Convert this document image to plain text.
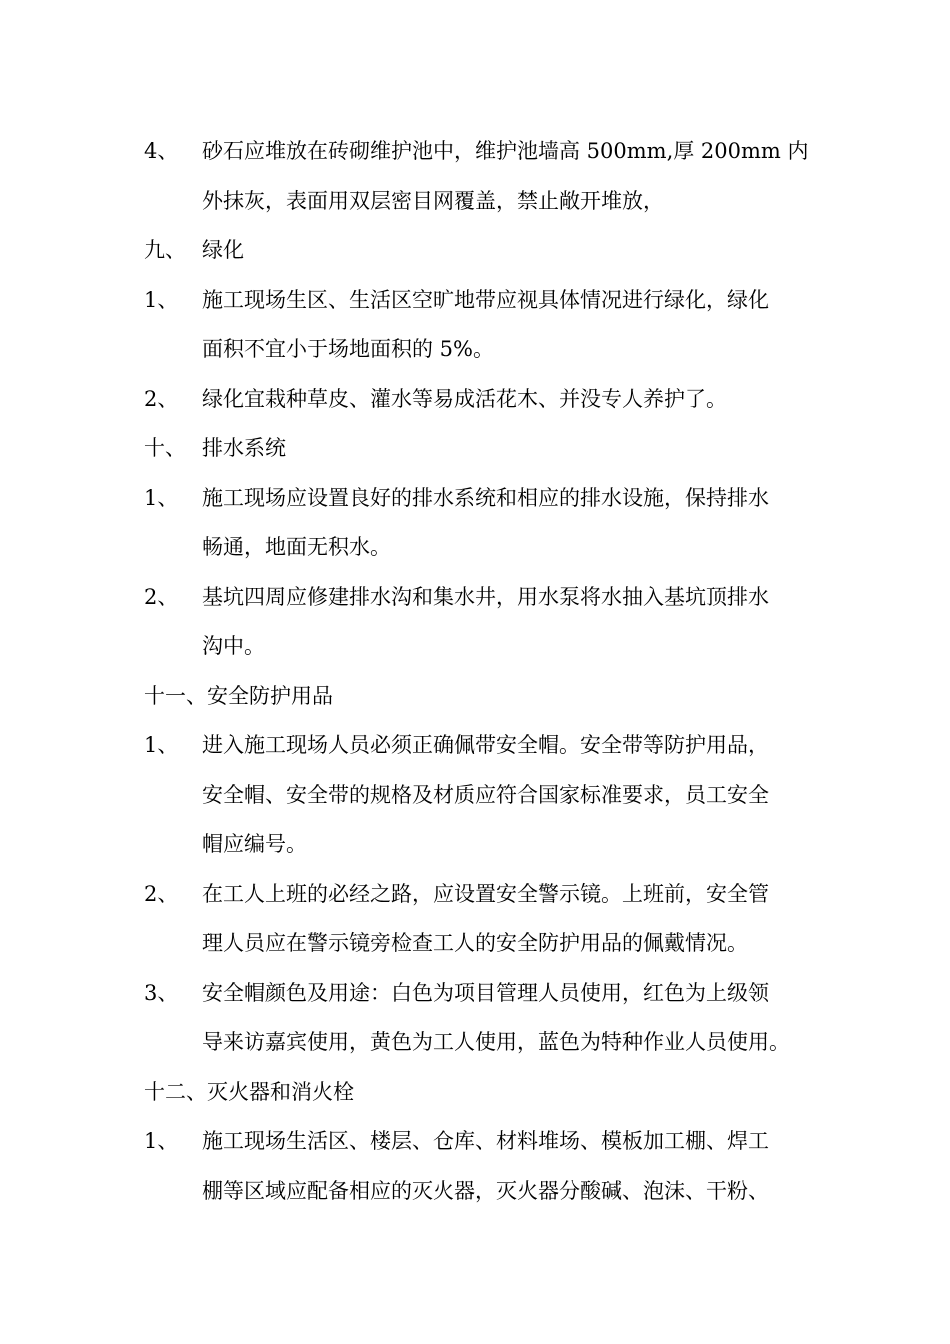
4、	砂石应堆放在砖砌维护池中，维护池墙高 500mm,厚 200mm 内
外抹灰，表面用双层密目网覆盖，禁止敞开堆放，
九、 绿化
1、	施工现场生区、生活区空旷地带应视具体情况进行绿化，绿化
面积不宜小于场地面积的 5%。
2、	绿化宜栽种草皮、灌水等易成活花木、并没专人养护了。
十、 排水系统
1、	施工现场应设置良好的排水系统和相应的排水设施，保持排水
畅通，地面无积水。
2、	基坑四周应修建排水沟和集水井，用水泵将水抽入基坑顶排水
沟中。
十一、安全防护用品
1、	进入施工现场人员必须正确佩带安全帽。安全带等防护用品，
安全帽、安全带的规格及材质应符合国家标准要求，员工安全
帽应编号。
2、	在工人上班的必经之路，应设置安全警示镜。上班前，安全管
理人员应在警示镜旁检查工人的安全防护用品的佩戴情况。
3、	安全帽颜色及用途：白色为项目管理人员使用，红色为上级领
导来访嘉宾使用，黄色为工人使用，蓝色为特种作业人员使用。
十二、灭火器和消火栓
1、	施工现场生活区、楼层、仓库、材料堆场、模板加工棚、焊工
棚等区域应配备相应的灭火器，灭火器分酸碱、泡沫、干粉、
